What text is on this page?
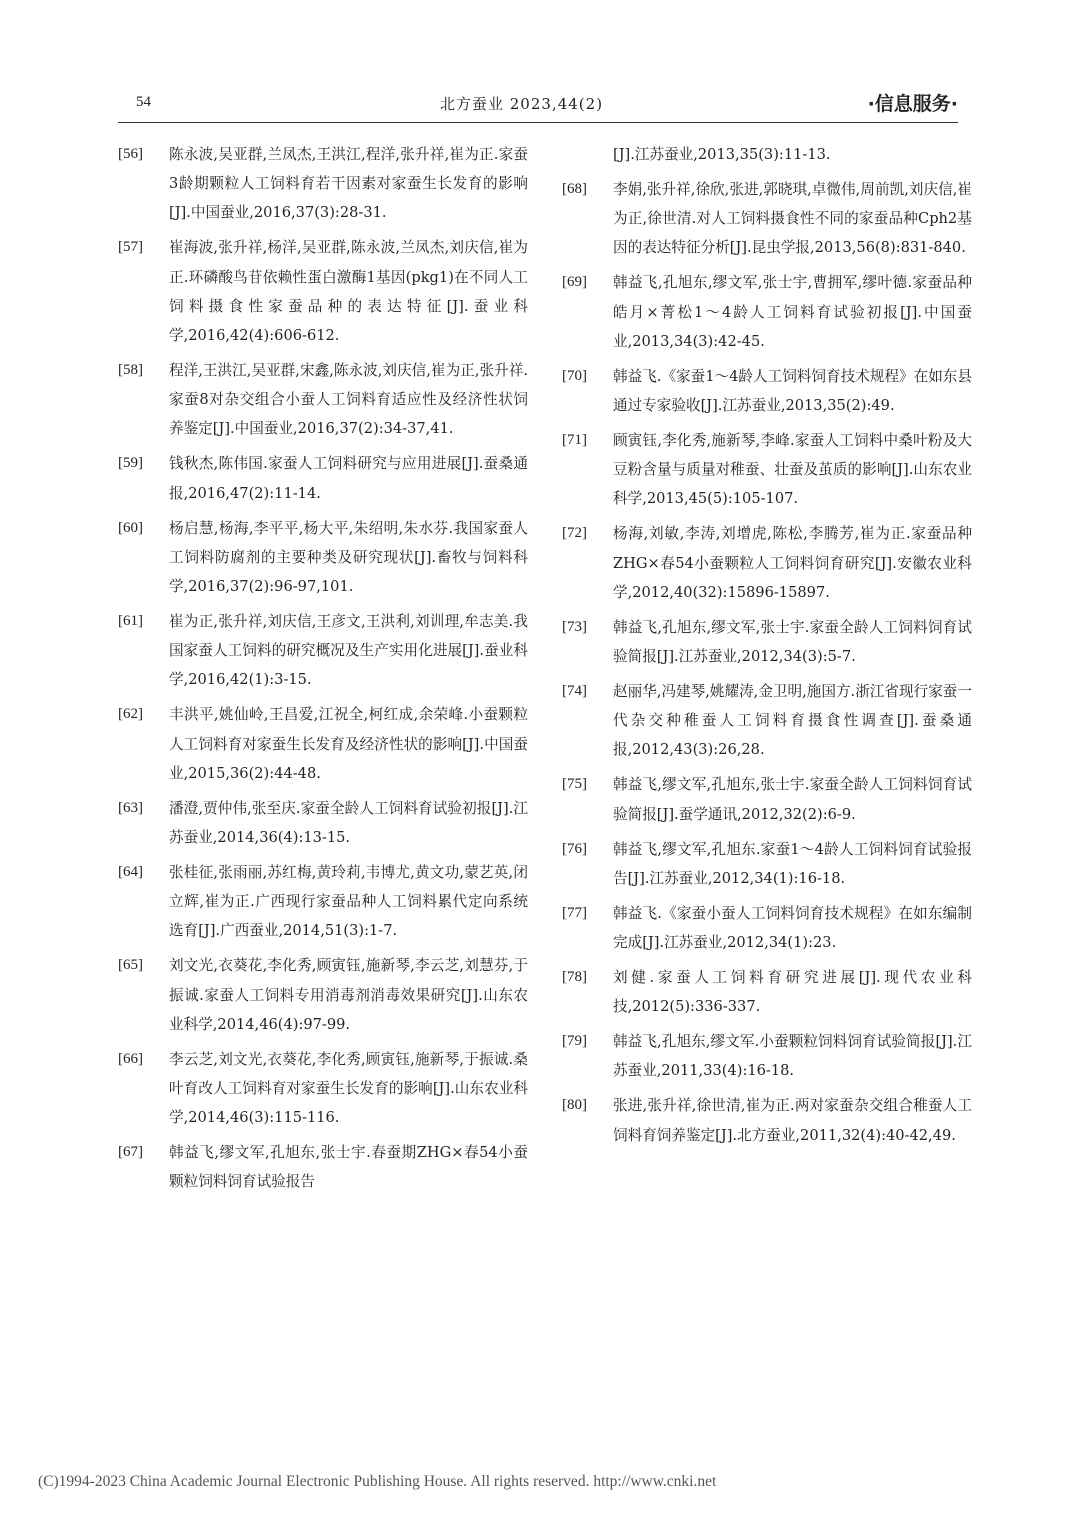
54	北方蚕业 2023,44(2)	·信息服务·
[56]	陈永波,吴亚群,兰凤杰,王洪江,程洋,张升祥,崔为正.家蚕3龄期颗粒人工饲料育若干因素对家蚕生长发育的影响[J].中国蚕业,2016,37(3):28-31.
[57]	崔海波,张升祥,杨洋,吴亚群,陈永波,兰凤杰,刘庆信,崔为正.环磷酸鸟苷依赖性蛋白激酶1基因(pkg1)在不同人工饲料摄食性家蚕品种的表达特征[J].蚕业科学,2016,42(4):606-612.
[58]	程洋,王洪江,吴亚群,宋鑫,陈永波,刘庆信,崔为正,张升祥.家蚕8对杂交组合小蚕人工饲料育适应性及经济性状饲养鉴定[J].中国蚕业,2016,37(2):34-37,41.
[59]	钱秋杰,陈伟国.家蚕人工饲料研究与应用进展[J].蚕桑通报,2016,47(2):11-14.
[60]	杨启慧,杨海,李平平,杨大平,朱绍明,朱水芬.我国家蚕人工饲料防腐剂的主要种类及研究现状[J].畜牧与饲料科学,2016,37(2):96-97,101.
[61]	崔为正,张升祥,刘庆信,王彦文,王洪利,刘训理,牟志美.我国家蚕人工饲料的研究概况及生产实用化进展[J].蚕业科学,2016,42(1):3-15.
[62]	丰洪平,姚仙岭,王昌爱,江祝全,柯红成,余荣峰.小蚕颗粒人工饲料育对家蚕生长发育及经济性状的影响[J].中国蚕业,2015,36(2):44-48.
[63]	潘澄,贾仲伟,张至庆.家蚕全龄人工饲料育试验初报[J].江苏蚕业,2014,36(4):13-15.
[64]	张桂征,张雨丽,苏红梅,黄玲莉,韦博尤,黄文功,蒙艺英,闭立辉,崔为正.广西现行家蚕品种人工饲料累代定向系统选育[J].广西蚕业,2014,51(3):1-7.
[65]	刘文光,衣葵花,李化秀,顾寅钰,施新琴,李云芝,刘慧芬,于振诚.家蚕人工饲料专用消毒剂消毒效果研究[J].山东农业科学,2014,46(4):97-99.
[66]	李云芝,刘文光,衣葵花,李化秀,顾寅钰,施新琴,于振诚.桑叶育改人工饲料育对家蚕生长发育的影响[J].山东农业科学,2014,46(3):115-116.
[67]	韩益飞,缪文军,孔旭东,张士宇.春蚕期ZHG×春54小蚕颗粒饲料饲育试验报告
[J].江苏蚕业,2013,35(3):11-13.
[68]	李娟,张升祥,徐欣,张进,郭晓琪,卓微伟,周前凯,刘庆信,崔为正,徐世清.对人工饲料摄食性不同的家蚕品种Cph2基因的表达特征分析[J].昆虫学报,2013,56(8):831-840.
[69]	韩益飞,孔旭东,缪文军,张士宇,曹拥军,缪叶德.家蚕品种皓月×菁松1～4龄人工饲料育试验初报[J].中国蚕业,2013,34(3):42-45.
[70]	韩益飞.《家蚕1～4龄人工饲料饲育技术规程》在如东县通过专家验收[J].江苏蚕业,2013,35(2):49.
[71]	顾寅钰,李化秀,施新琴,李峰.家蚕人工饲料中桑叶粉及大豆粉含量与质量对稚蚕、壮蚕及茧质的影响[J].山东农业科学,2013,45(5):105-107.
[72]	杨海,刘敏,李涛,刘增虎,陈松,李腾芳,崔为正.家蚕品种ZHG×春54小蚕颗粒人工饲料饲育研究[J].安徽农业科学,2012,40(32):15896-15897.
[73]	韩益飞,孔旭东,缪文军,张士宇.家蚕全龄人工饲料饲育试验简报[J].江苏蚕业,2012,34(3):5-7.
[74]	赵丽华,冯建琴,姚耀涛,金卫明,施国方.浙江省现行家蚕一代杂交种稚蚕人工饲料育摄食性调查[J].蚕桑通报,2012,43(3):26,28.
[75]	韩益飞,缪文军,孔旭东,张士宇.家蚕全龄人工饲料饲育试验简报[J].蚕学通讯,2012,32(2):6-9.
[76]	韩益飞,缪文军,孔旭东.家蚕1～4龄人工饲料饲育试验报告[J].江苏蚕业,2012,34(1):16-18.
[77]	韩益飞.《家蚕小蚕人工饲料饲育技术规程》在如东编制完成[J].江苏蚕业,2012,34(1):23.
[78]	刘健.家蚕人工饲料育研究进展[J].现代农业科技,2012(5):336-337.
[79]	韩益飞,孔旭东,缪文军.小蚕颗粒饲料饲育试验简报[J].江苏蚕业,2011,33(4):16-18.
[80]	张进,张升祥,徐世清,崔为正.两对家蚕杂交组合稚蚕人工饲料育饲养鉴定[J].北方蚕业,2011,32(4):40-42,49.
(C)1994-2023 China Academic Journal Electronic Publishing House. All rights reserved. http://www.cnki.net
